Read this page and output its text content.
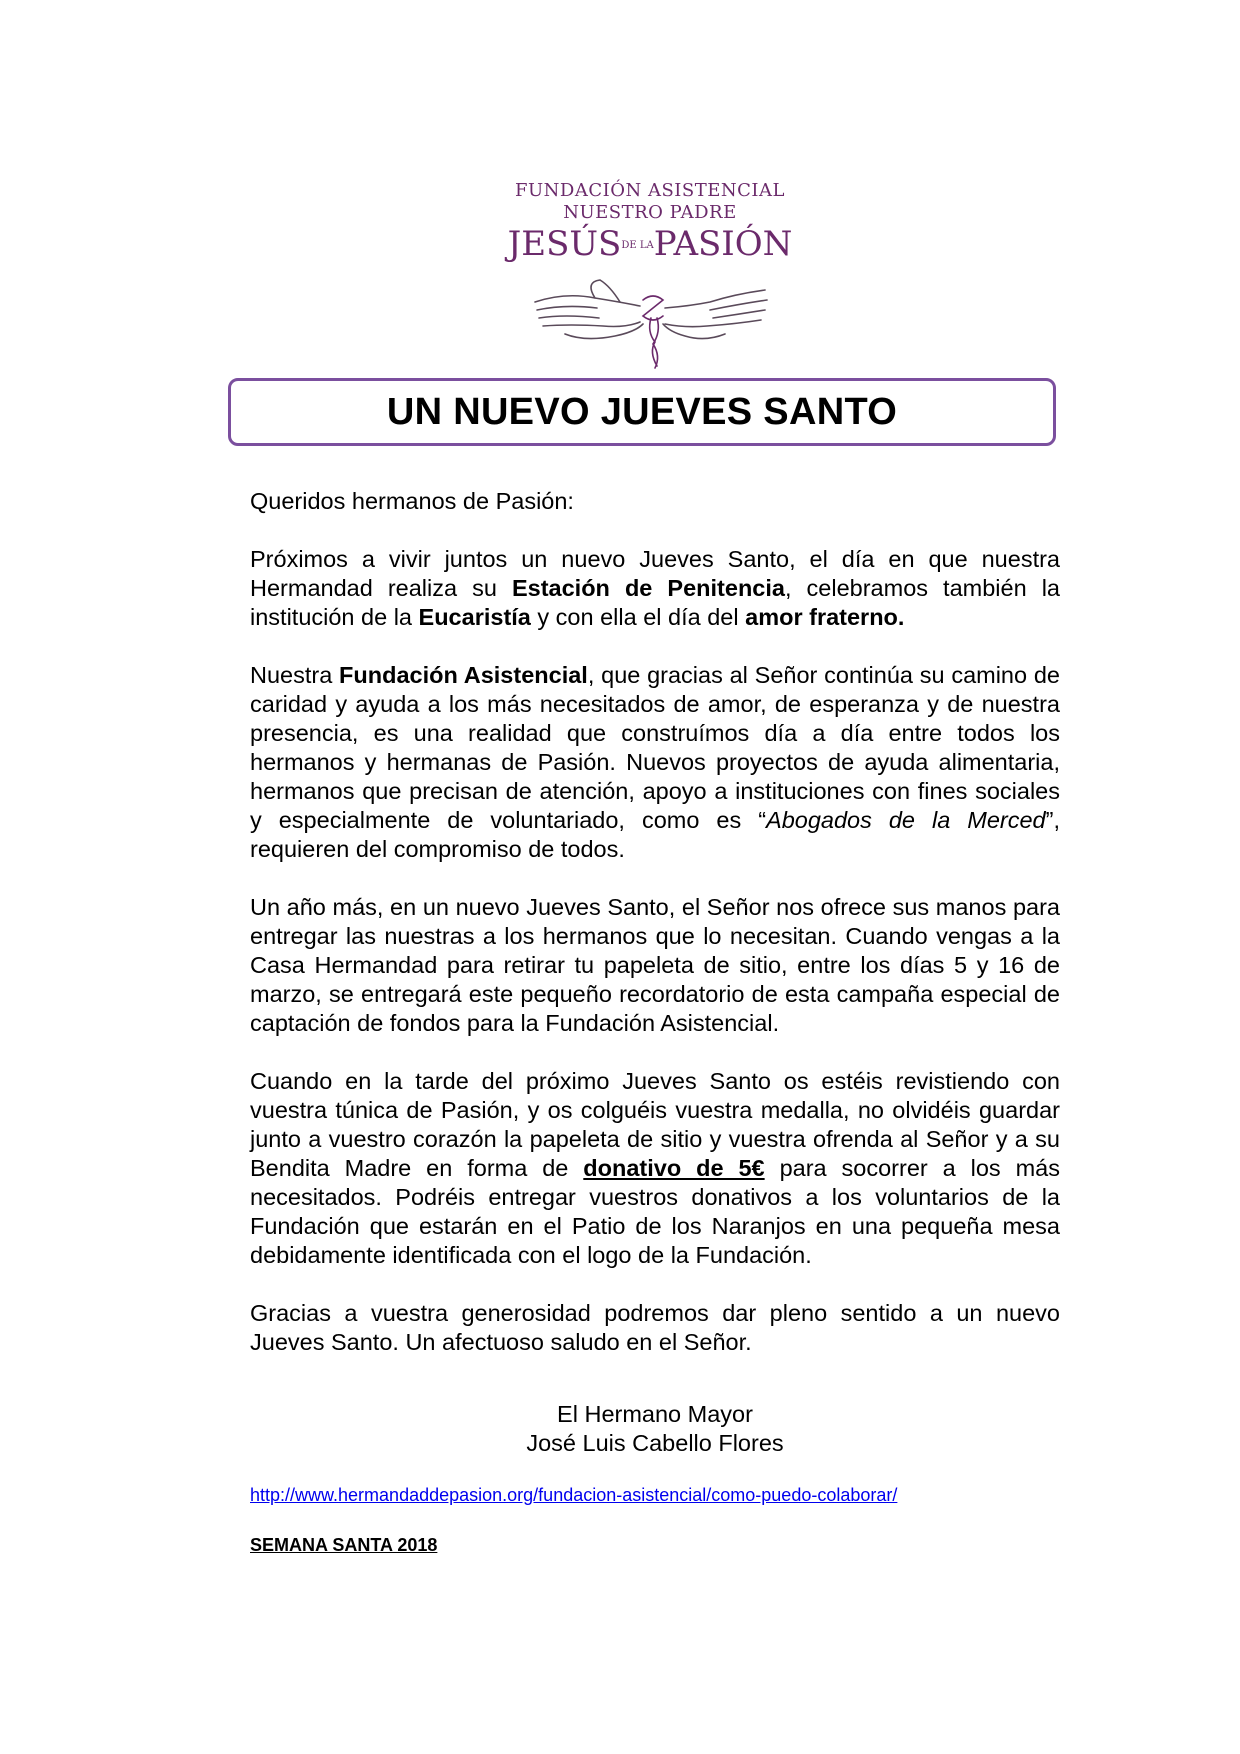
FUNDACIÓN ASISTENCIAL
NUESTRO PADRE
JESÚSDE LAPASIÓN
UN NUEVO JUEVES SANTO

Queridos hermanos de Pasión:

Próximos a vivir juntos un nuevo Jueves Santo, el día en que nuestra Hermandad realiza su Estación de Penitencia, celebramos también la institución de la Eucaristía y con ella el día del amor fraterno.

Nuestra Fundación Asistencial, que gracias al Señor continúa su camino de caridad y ayuda a los más necesitados de amor, de esperanza y de nuestra presencia, es una realidad que construímos día a día entre todos los hermanos y hermanas de Pasión. Nuevos proyectos de ayuda alimentaria, hermanos que precisan de atención, apoyo a instituciones con fines sociales y especialmente de voluntariado, como es “Abogados de la Merced”, requieren del compromiso de todos.

Un año más, en un nuevo Jueves Santo, el Señor nos ofrece sus manos para entregar las nuestras a los hermanos que lo necesitan. Cuando vengas a la Casa Hermandad para retirar tu papeleta de sitio, entre los días 5 y 16 de marzo, se entregará este pequeño recordatorio de esta campaña especial de captación de fondos para la Fundación Asistencial.

Cuando en la tarde del próximo Jueves Santo os estéis revistiendo con vuestra túnica de Pasión, y os colguéis vuestra medalla, no olvidéis guardar junto a vuestro corazón la papeleta de sitio y vuestra ofrenda al Señor y a su Bendita Madre en forma de donativo de 5€ para socorrer a los más necesitados. Podréis entregar vuestros donativos a los voluntarios de la Fundación que estarán en el Patio de los Naranjos en una pequeña mesa debidamente identificada con el logo de la Fundación.

Gracias a vuestra generosidad podremos dar pleno sentido a un nuevo Jueves Santo. Un afectuoso saludo en el Señor.

El Hermano Mayor
José Luis Cabello Flores
http://www.hermandaddepasion.org/fundacion-asistencial/como-puedo-colaborar/
SEMANA SANTA 2018
